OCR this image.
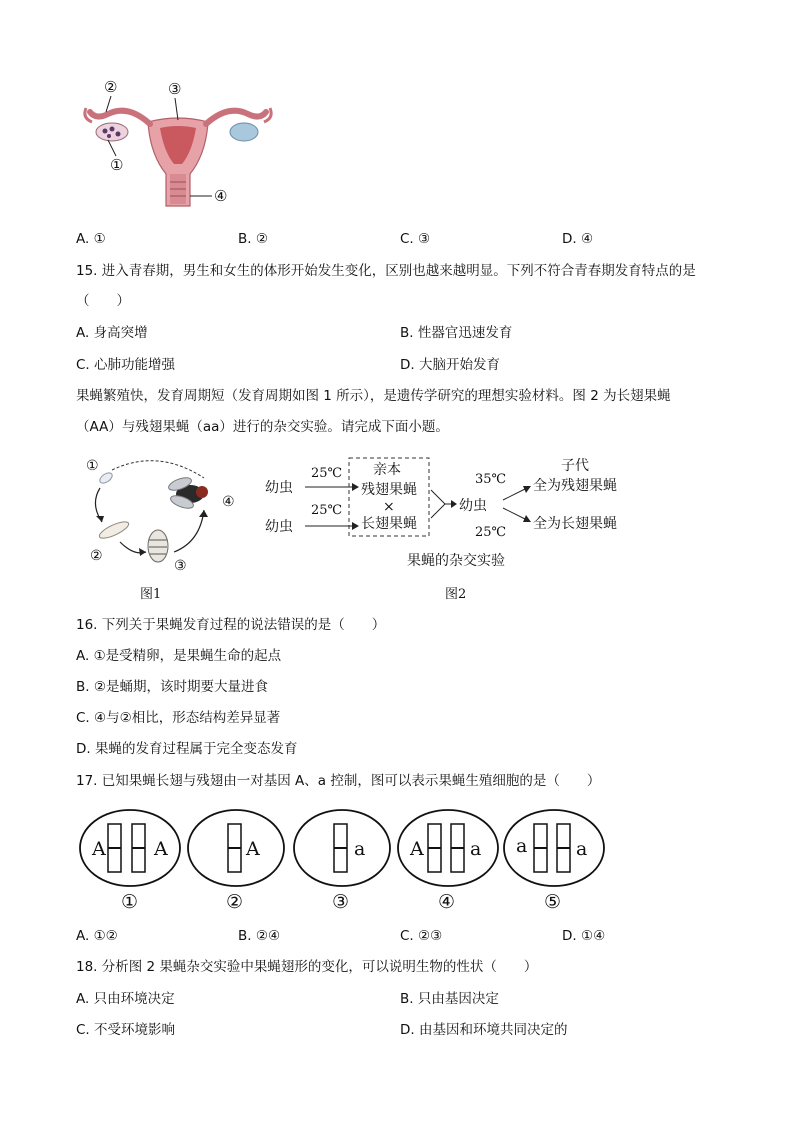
②	③
①
④
A. ①	B. ②	C. ③	D. ④
15. 进入青春期，男生和女生的体形开始发生变化，区别也越来越明显。下列不符合青春期发育特点的是
（　　）
A. 身高突增	B. 性器官迅速发育
C. 心肺功能增强	D. 大脑开始发育
果蝇繁殖快，发育周期短（发育周期如图 1 所示），是遗传学研究的理想实验材料。图 2 为长翅果蝇
（AA）与残翅果蝇（aa）进行的杂交实验。请完成下面小题。
①
②
③
④
图1
幼虫
幼虫
25℃
25℃
亲本
残翅果蝇
×
长翅果蝇
幼虫
35℃
25℃
子代
全为残翅果蝇
全为长翅果蝇
果蝇的杂交实验
图2
16. 下列关于果蝇发育过程的说法错误的是（　　）
A. ①是受精卵，是果蝇生命的起点
B. ②是蛹期，该时期要大量进食
C. ④与②相比，形态结构差异显著
D. 果蝇的发育过程属于完全变态发育
17. 已知果蝇长翅与残翅由一对基因 A、a 控制，图可以表示果蝇生殖细胞的是（　　）
A	A
①
A
②
a
③
A a
④
a	a
⑤
A. ①②	B. ②④	C. ②③	D. ①④
18. 分析图 2 果蝇杂交实验中果蝇翅形的变化，可以说明生物的性状（　　）
A. 只由环境决定	B. 只由基因决定
C. 不受环境影响	D. 由基因和环境共同决定的
